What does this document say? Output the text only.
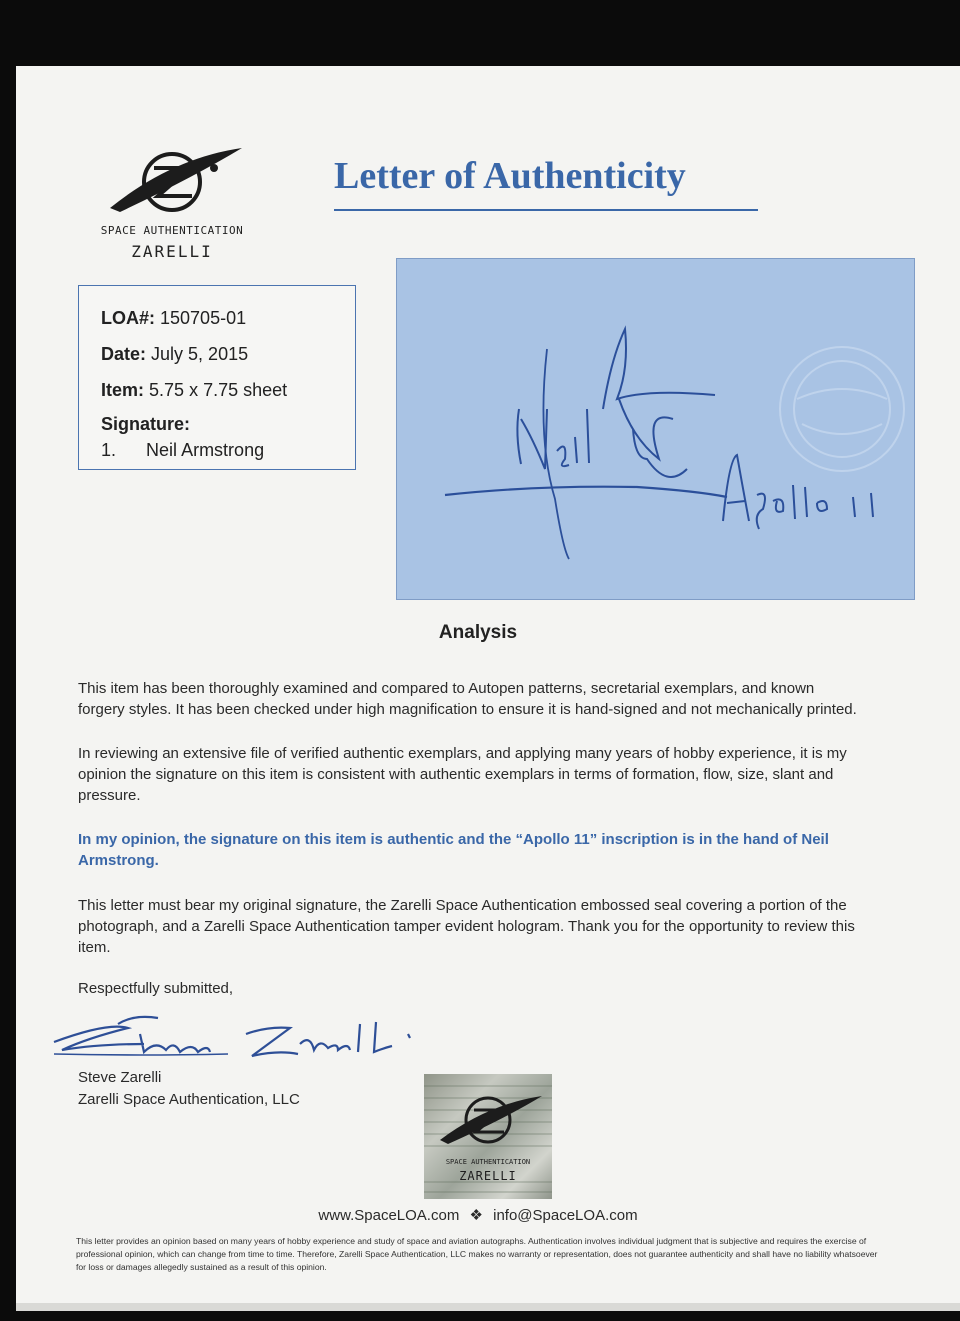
SPACE AUTHENTICATION
ZARELLI
Letter of Authenticity
LOA#: 150705-01
Date: July 5, 2015
Item: 5.75 x 7.75 sheet
Signature:
1. Neil Armstrong
Analysis

This item has been thoroughly examined and compared to Autopen patterns, secretarial exemplars, and known forgery styles. It has been checked under high magnification to ensure it is hand-signed and not mechanically printed.

In reviewing an extensive file of verified authentic exemplars, and applying many years of hobby experience, it is my opinion the signature on this item is consistent with authentic exemplars in terms of formation, flow, size, slant and pressure.

In my opinion, the signature on this item is authentic and the “Apollo 11” inscription is in the hand of Neil Armstrong.

This letter must bear my original signature, the Zarelli Space Authentication embossed seal covering a portion of the photograph, and a Zarelli Space Authentication tamper evident hologram. Thank you for the opportunity to review this item.

Respectfully submitted,
Steve Zarelli
Zarelli Space Authentication, LLC
SPACE AUTHENTICATION
ZARELLI
www.SpaceLOA.com ❖ info@SpaceLOA.com

This letter provides an opinion based on many years of hobby experience and study of space and aviation autographs. Authentication involves individual judgment that is subjective and requires the exercise of professional opinion, which can change from time to time. Therefore, Zarelli Space Authentication, LLC makes no warranty or representation, does not guarantee authenticity and shall have no liability whatsoever for loss or damages allegedly sustained as a result of this opinion.
